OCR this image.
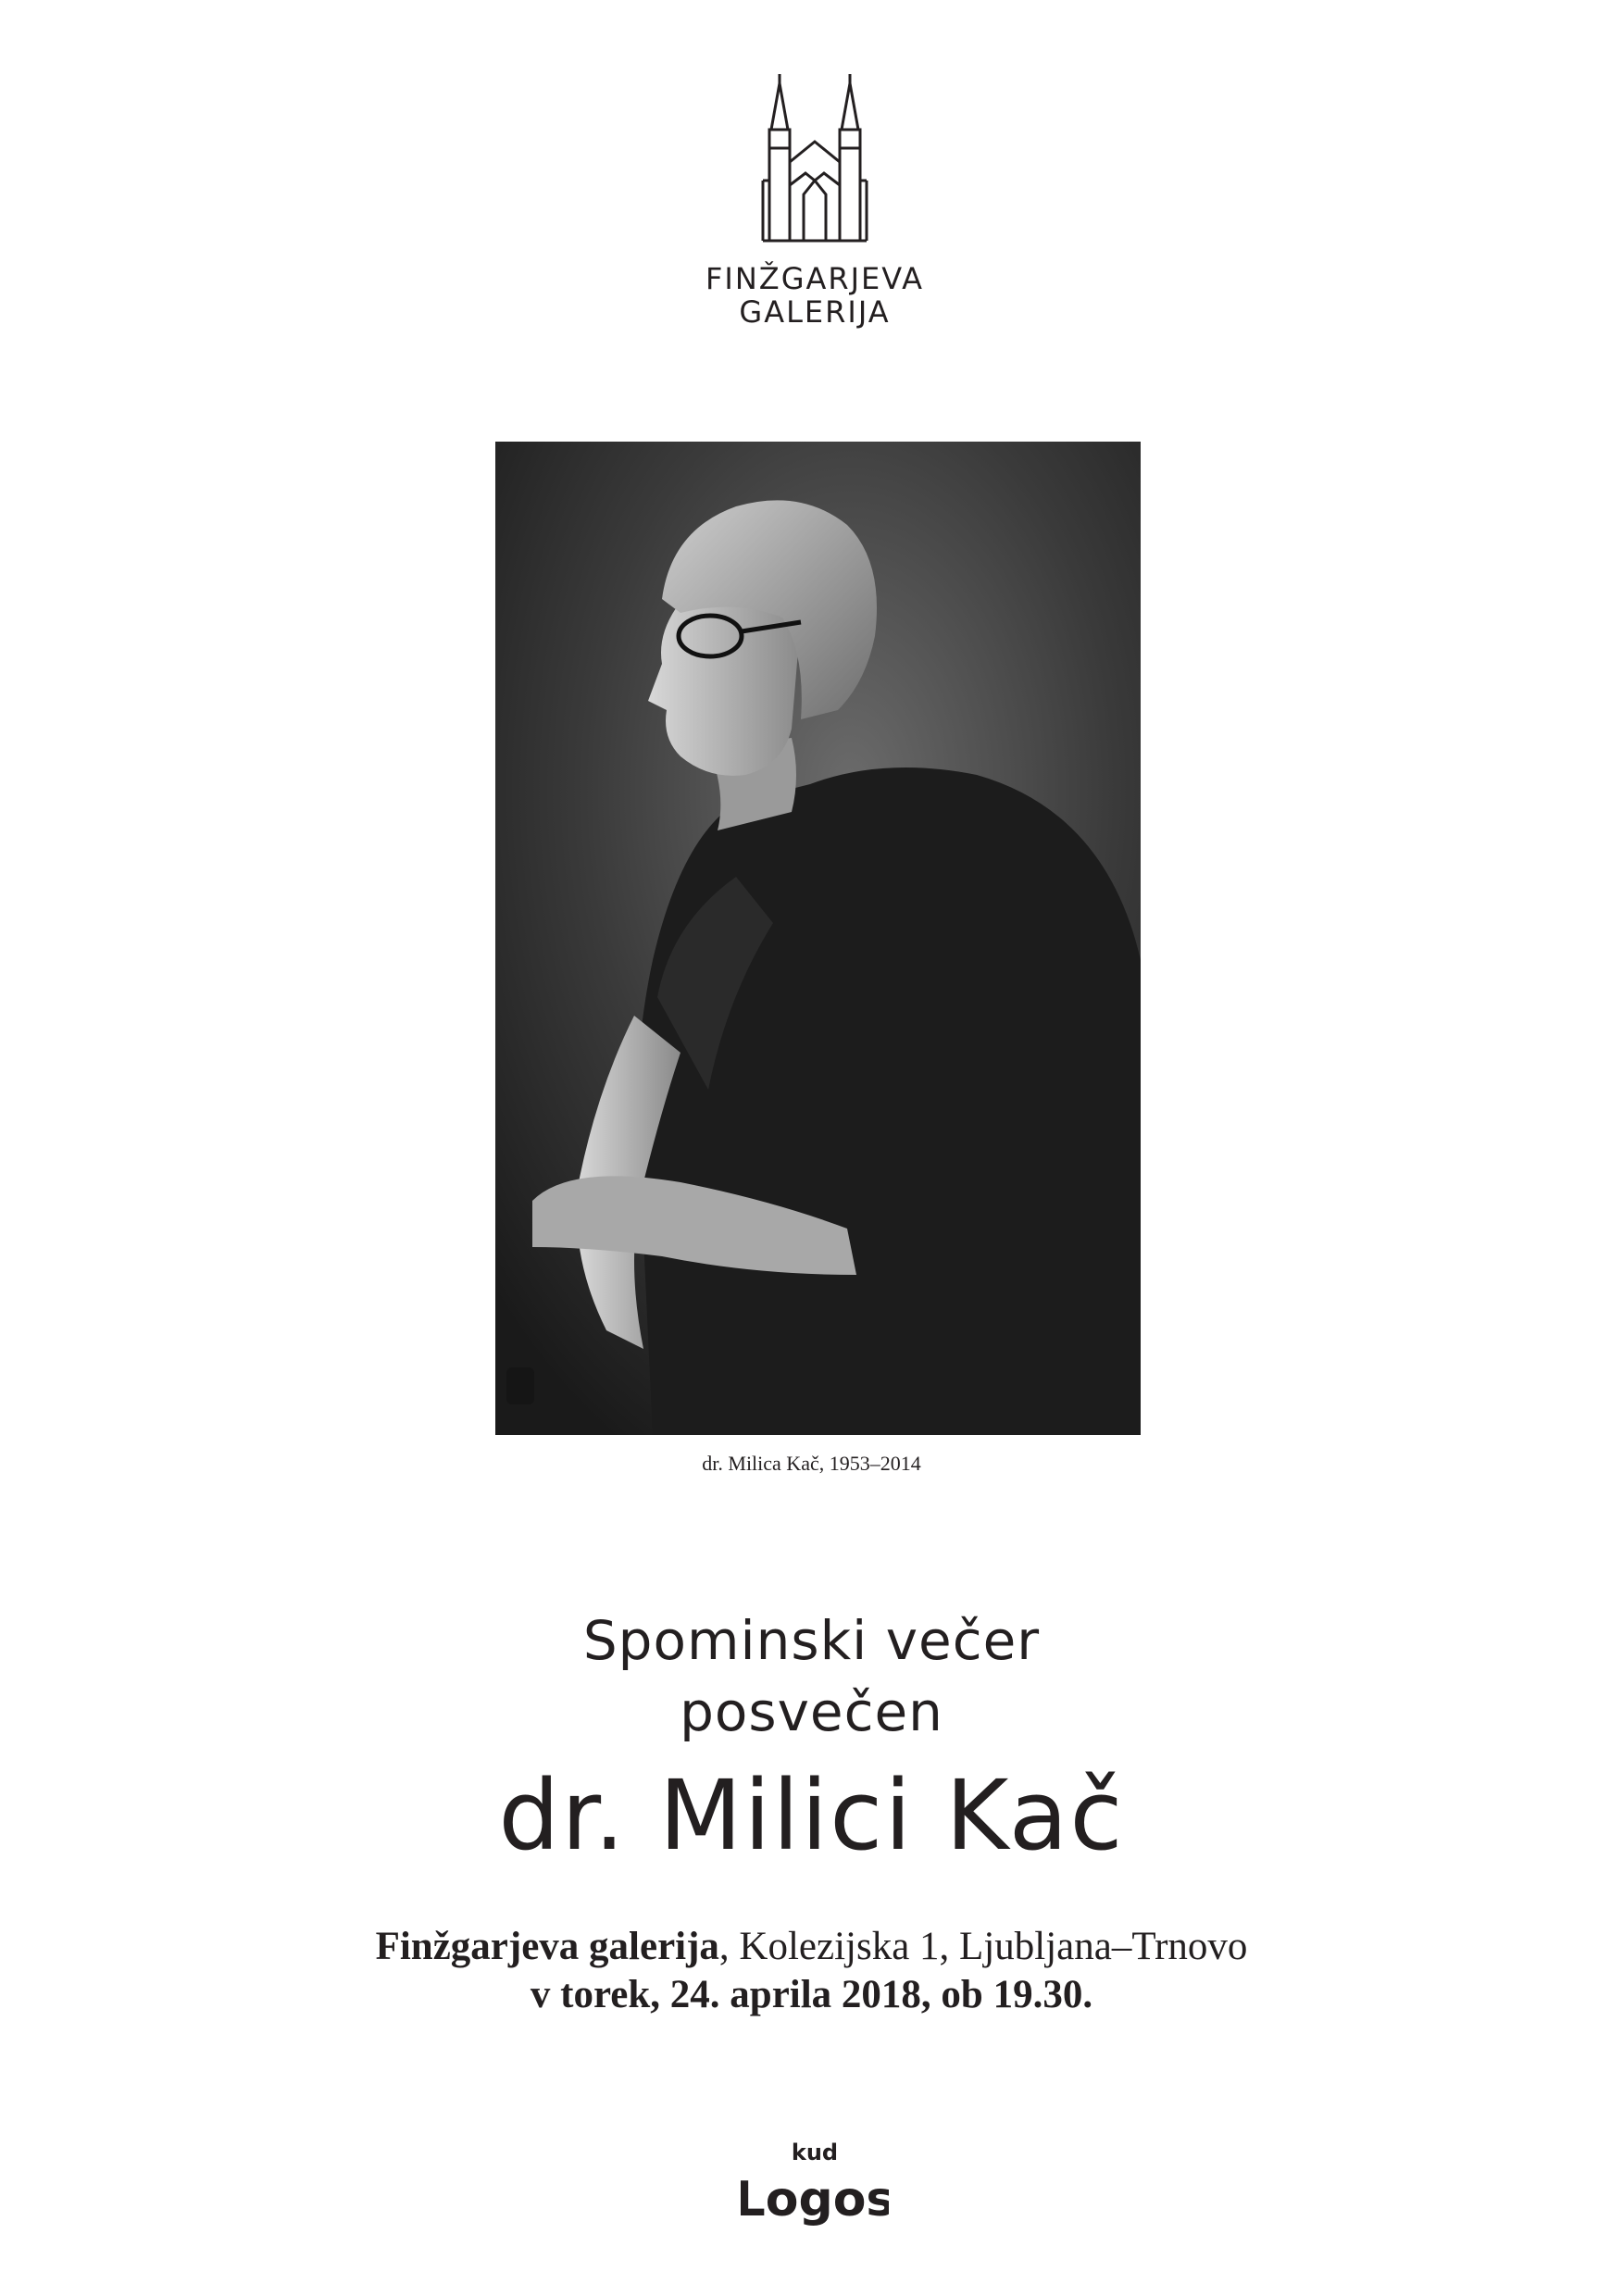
FINŽGARJEVA
GALERIJA
dr. Milica Kač, 1953–2014
Spominski večer
posvečen
dr. Milici Kač
Finžgarjeva galerija, Kolezijska 1, Ljubljana–Trnovo
v torek, 24. aprila 2018, ob 19.30.
kud
Logos
